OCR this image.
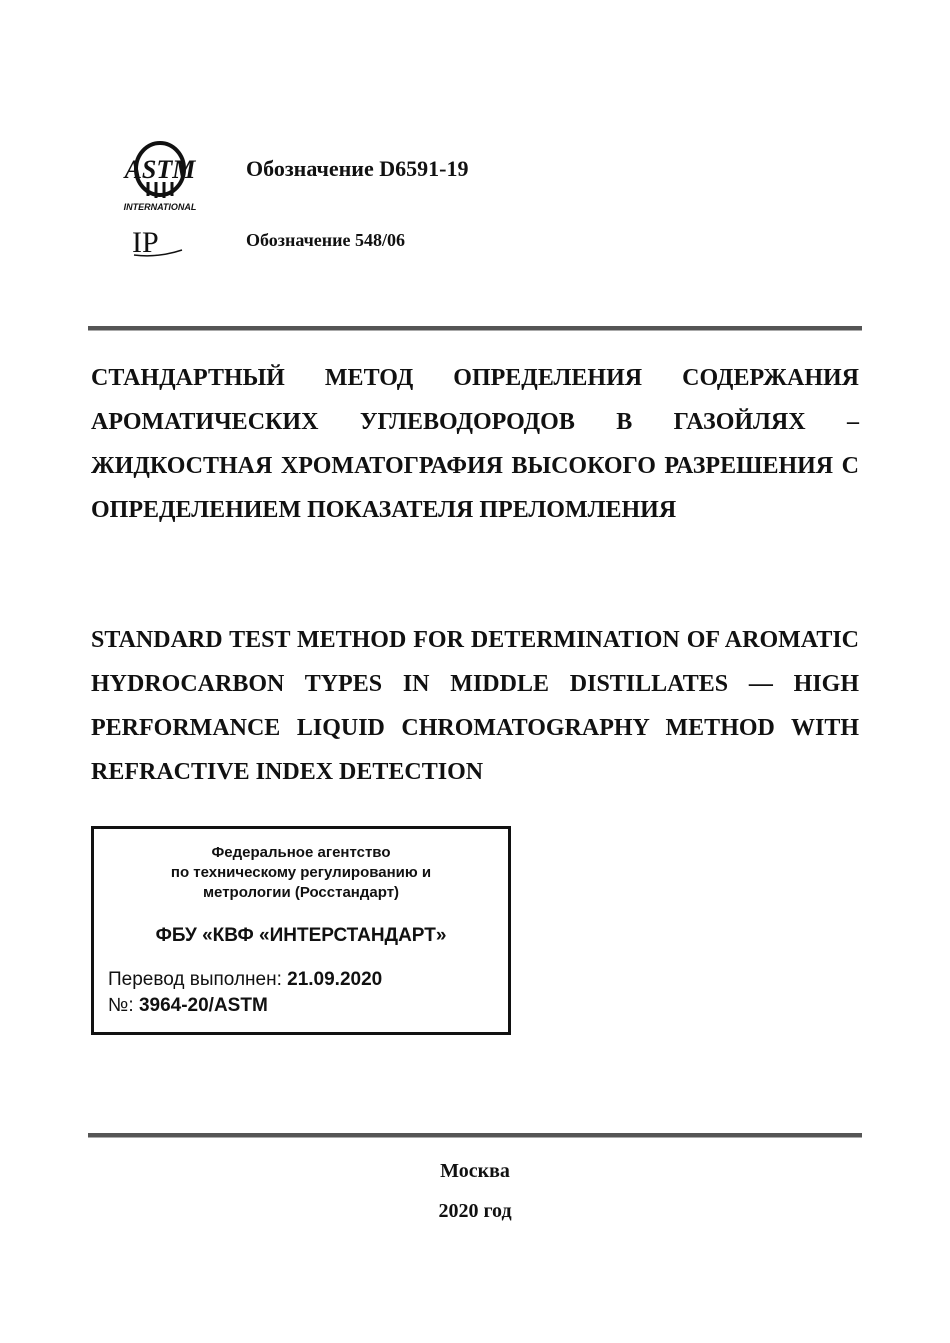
ASTM
INTERNATIONAL
IP
Обозначение D6591-19
Обозначение 548/06
СТАНДАРТНЫЙ МЕТОД ОПРЕДЕЛЕНИЯ СОДЕРЖАНИЯ АРОМАТИЧЕСКИХ УГЛЕВОДОРОДОВ В ГАЗОЙЛЯХ – ЖИДКОСТНАЯ ХРОМАТОГРАФИЯ ВЫСОКОГО РАЗРЕШЕНИЯ С ОПРЕДЕЛЕНИЕМ ПОКАЗАТЕЛЯ ПРЕЛОМЛЕНИЯ
STANDARD TEST METHOD FOR DETERMINATION OF AROMATIC HYDROCARBON TYPES IN MIDDLE DISTILLATES — HIGH PERFORMANCE LIQUID CHROMATOGRAPHY METHOD WITH REFRACTIVE INDEX DETECTION
Федеральное агентство
по техническому регулированию и
метрологии (Росстандарт)
ФБУ «КВФ «ИНТЕРСТАНДАРТ»
Перевод выполнен: 21.09.2020
№: 3964-20/ASTM
Москва
2020 год
